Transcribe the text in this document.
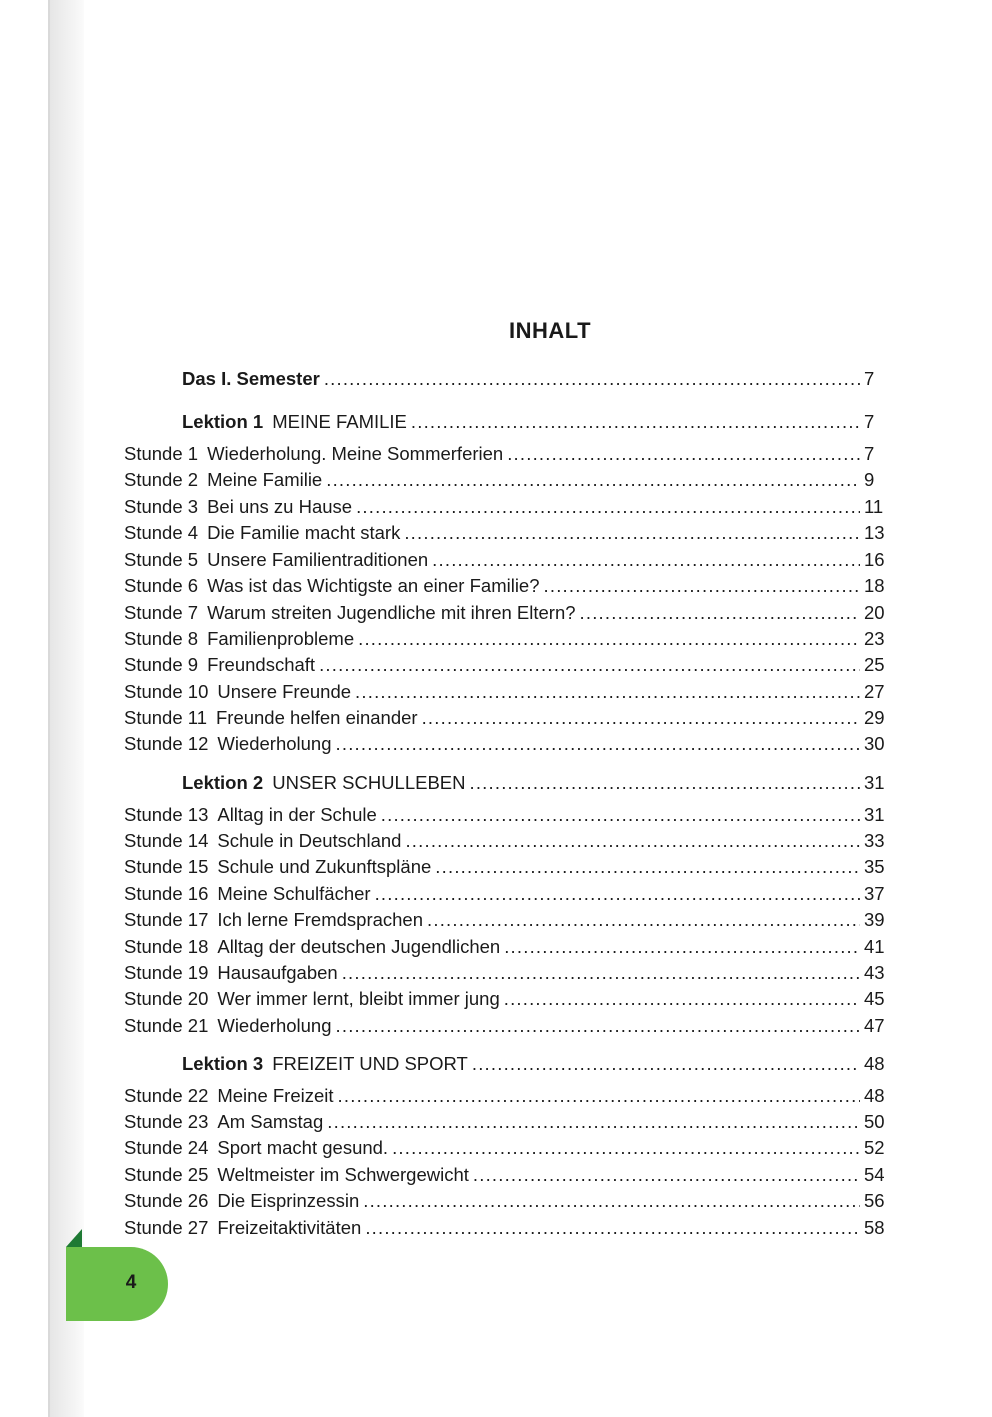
INHALT
Das I. Semester .....	7
Lektion 1 MEINE FAMILIE .....	7
Stunde 1 Wiederholung. Meine Sommerferien .....	7
Stunde 2 Meine Familie .....	9
Stunde 3 Bei uns zu Hause .....	11
Stunde 4 Die Familie macht stark .....	13
Stunde 5 Unsere Familientraditionen .....	16
Stunde 6 Was ist das Wichtigste an einer Familie? .....	18
Stunde 7 Warum streiten Jugendliche mit ihren Eltern? .....	20
Stunde 8 Familienprobleme .....	23
Stunde 9 Freundschaft .....	25
Stunde 10 Unsere Freunde .....	27
Stunde 11 Freunde helfen einander .....	29
Stunde 12 Wiederholung .....	30
Lektion 2 UNSER SCHULLEBEN .....	31
Stunde 13 Alltag in der Schule .....	31
Stunde 14 Schule in Deutschland .....	33
Stunde 15 Schule und Zukunftspläne .....	35
Stunde 16 Meine Schulfächer .....	37
Stunde 17 Ich lerne Fremdsprachen .....	39
Stunde 18 Alltag der deutschen Jugendlichen .....	41
Stunde 19 Hausaufgaben .....	43
Stunde 20 Wer immer lernt, bleibt immer jung .....	45
Stunde 21 Wiederholung .....	47
Lektion 3 FREIZEIT UND SPORT .....	48
Stunde 22 Meine Freizeit .....	48
Stunde 23 Am Samstag .....	50
Stunde 24 Sport macht gesund. .....	52
Stunde 25 Weltmeister im Schwergewicht .....	54
Stunde 26 Die Eisprinzessin .....	56
Stunde 27 Freizeitaktivitäten .....	58
4
